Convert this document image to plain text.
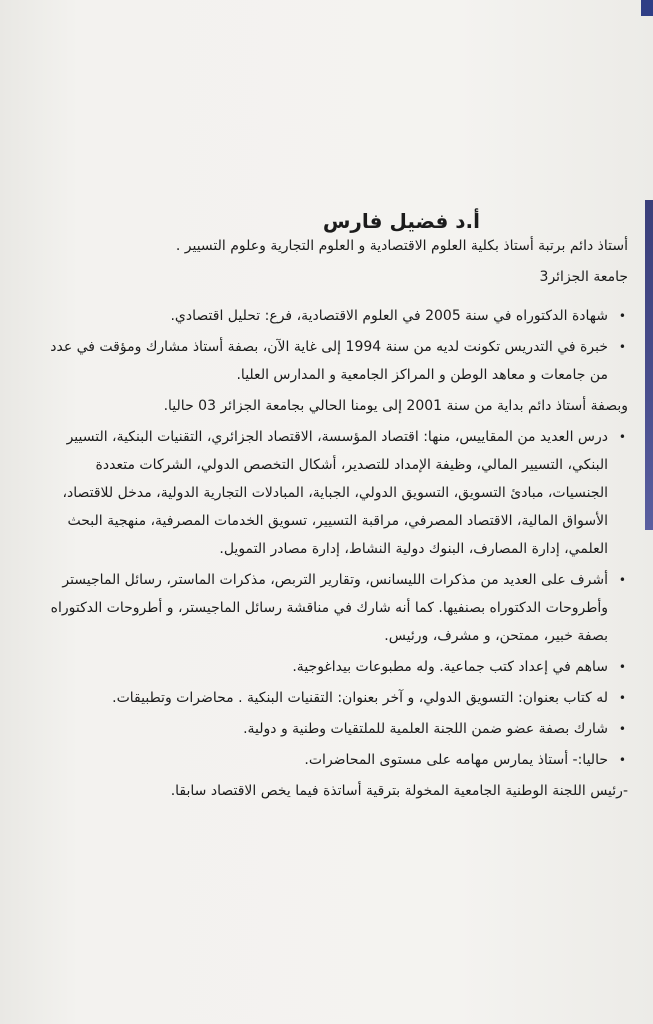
أ.د فضيل فارس

أستاذ دائم برتبة أستاذ بكلية العلوم الاقتصادية و العلوم التجارية وعلوم التسيير .

جامعة الجزائر3

•
شهادة الدكتوراه في سنة 2005 في العلوم الاقتصادية، فرع: تحليل اقتصادي.
•
خبرة في التدريس تكونت لديه من سنة 1994 إلى غاية الآن، بصفة أستاذ مشارك ومؤقت في عدد من جامعات و معاهد الوطن و المراكز الجامعية و المدارس العليا.

وبصفة أستاذ دائم بداية من سنة 2001 إلى يومنا الحالي بجامعة الجزائر 03 حاليا.

•
درس العديد من المقاييس، منها: اقتصاد المؤسسة، الاقتصاد الجزائري، التقنيات البنكية، التسيير البنكي، التسيير المالي، وظيفة الإمداد للتصدير، أشكال التخصص الدولي، الشركات متعددة الجنسيات، مبادئ التسويق، التسويق الدولي، الجباية، المبادلات التجارية الدولية، مدخل للاقتصاد، الأسواق المالية، الاقتصاد المصرفي، مراقبة التسيير، تسويق الخدمات المصرفية، منهجية البحث العلمي، إدارة المصارف، البنوك دولية النشاط، إدارة مصادر التمويل.
•
أشرف على العديد من مذكرات الليسانس، وتقارير التربص، مذكرات الماستر، رسائل الماجيستر وأطروحات الدكتوراه بصنفيها. كما أنه شارك في مناقشة رسائل الماجيستر، و أطروحات الدكتوراه بصفة خبير، ممتحن، و مشرف، ورئيس.
•
ساهم في إعداد كتب جماعية. وله مطبوعات بيداغوجية.
•
له كتاب بعنوان: التسويق الدولي، و آخر بعنوان: التقنيات البنكية . محاضرات وتطبيقات.
•
شارك بصفة عضو ضمن اللجنة العلمية للملتقيات وطنية و دولية.
•
حاليا:- أستاذ يمارس مهامه على مستوى المحاضرات.

-رئيس اللجنة الوطنية الجامعية المخولة بترقية أساتذة فيما يخص الاقتصاد سابقا.
